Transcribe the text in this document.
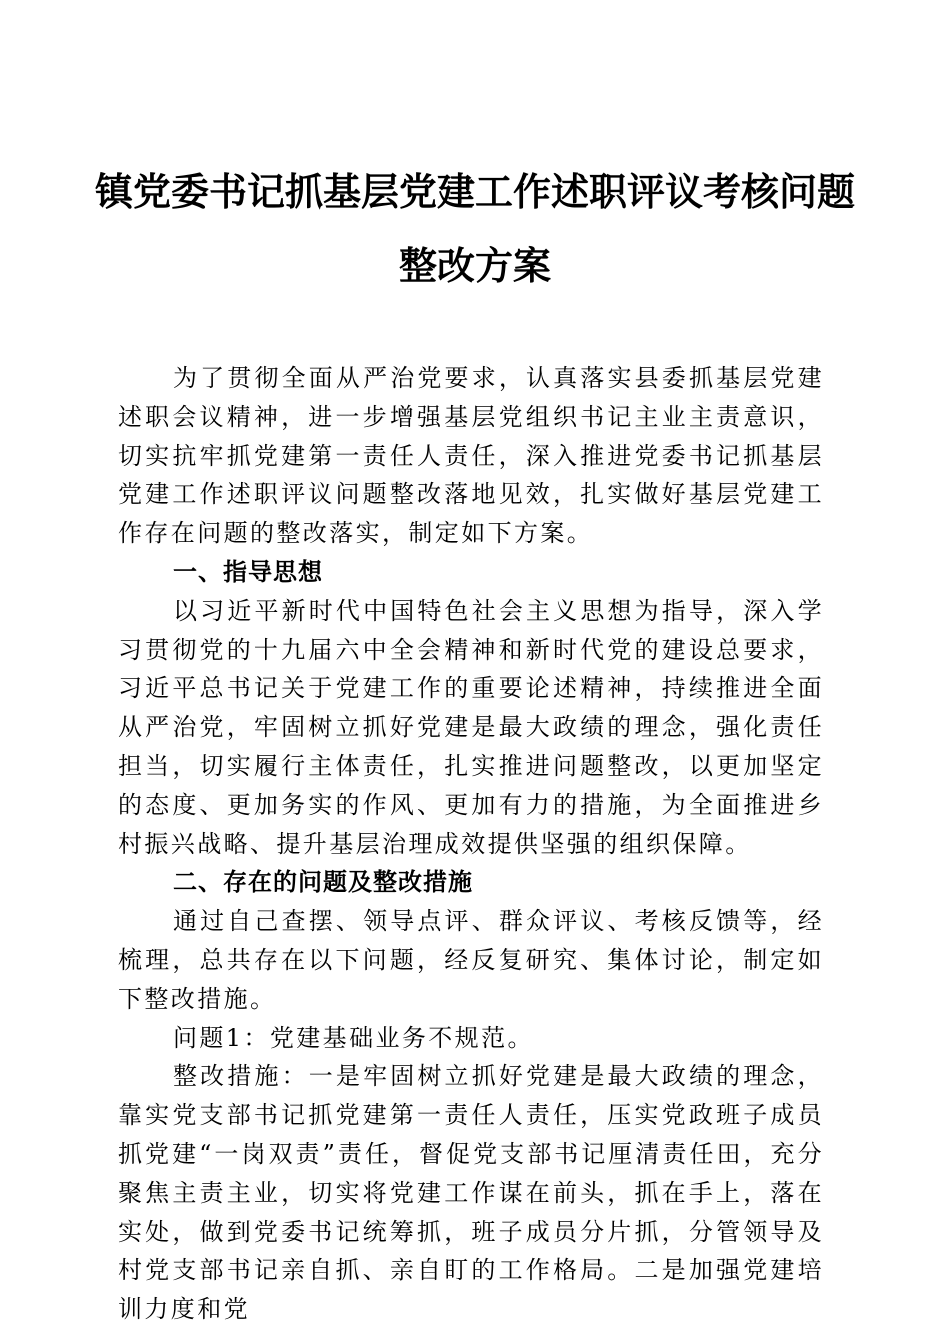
镇党委书记抓基层党建工作述职评议考核问题
整改方案

为了贯彻全面从严治党要求，认真落实县委抓基层党建述职会议精神，进一步增强基层党组织书记主业主责意识，切实抗牢抓党建第一责任人责任，深入推进党委书记抓基层党建工作述职评议问题整改落地见效，扎实做好基层党建工作存在问题的整改落实，制定如下方案。

一、指导思想

以习近平新时代中国特色社会主义思想为指导，深入学习贯彻党的十九届六中全会精神和新时代党的建设总要求，习近平总书记关于党建工作的重要论述精神，持续推进全面从严治党，牢固树立抓好党建是最大政绩的理念，强化责任担当，切实履行主体责任，扎实推进问题整改，以更加坚定的态度、更加务实的作风、更加有力的措施，为全面推进乡村振兴战略、提升基层治理成效提供坚强的组织保障。

二、存在的问题及整改措施

通过自己查摆、领导点评、群众评议、考核反馈等，经梳理，总共存在以下问题，经反复研究、集体讨论，制定如下整改措施。

问题1：党建基础业务不规范。

整改措施：一是牢固树立抓好党建是最大政绩的理念，靠实党支部书记抓党建第一责任人责任，压实党政班子成员抓党建“一岗双责”责任，督促党支部书记厘清责任田，充分聚焦主责主业，切实将党建工作谋在前头，抓在手上，落在实处，做到党委书记统筹抓，班子成员分片抓，分管领导及村党支部书记亲自抓、亲自盯的工作格局。二是加强党建培训力度和党
